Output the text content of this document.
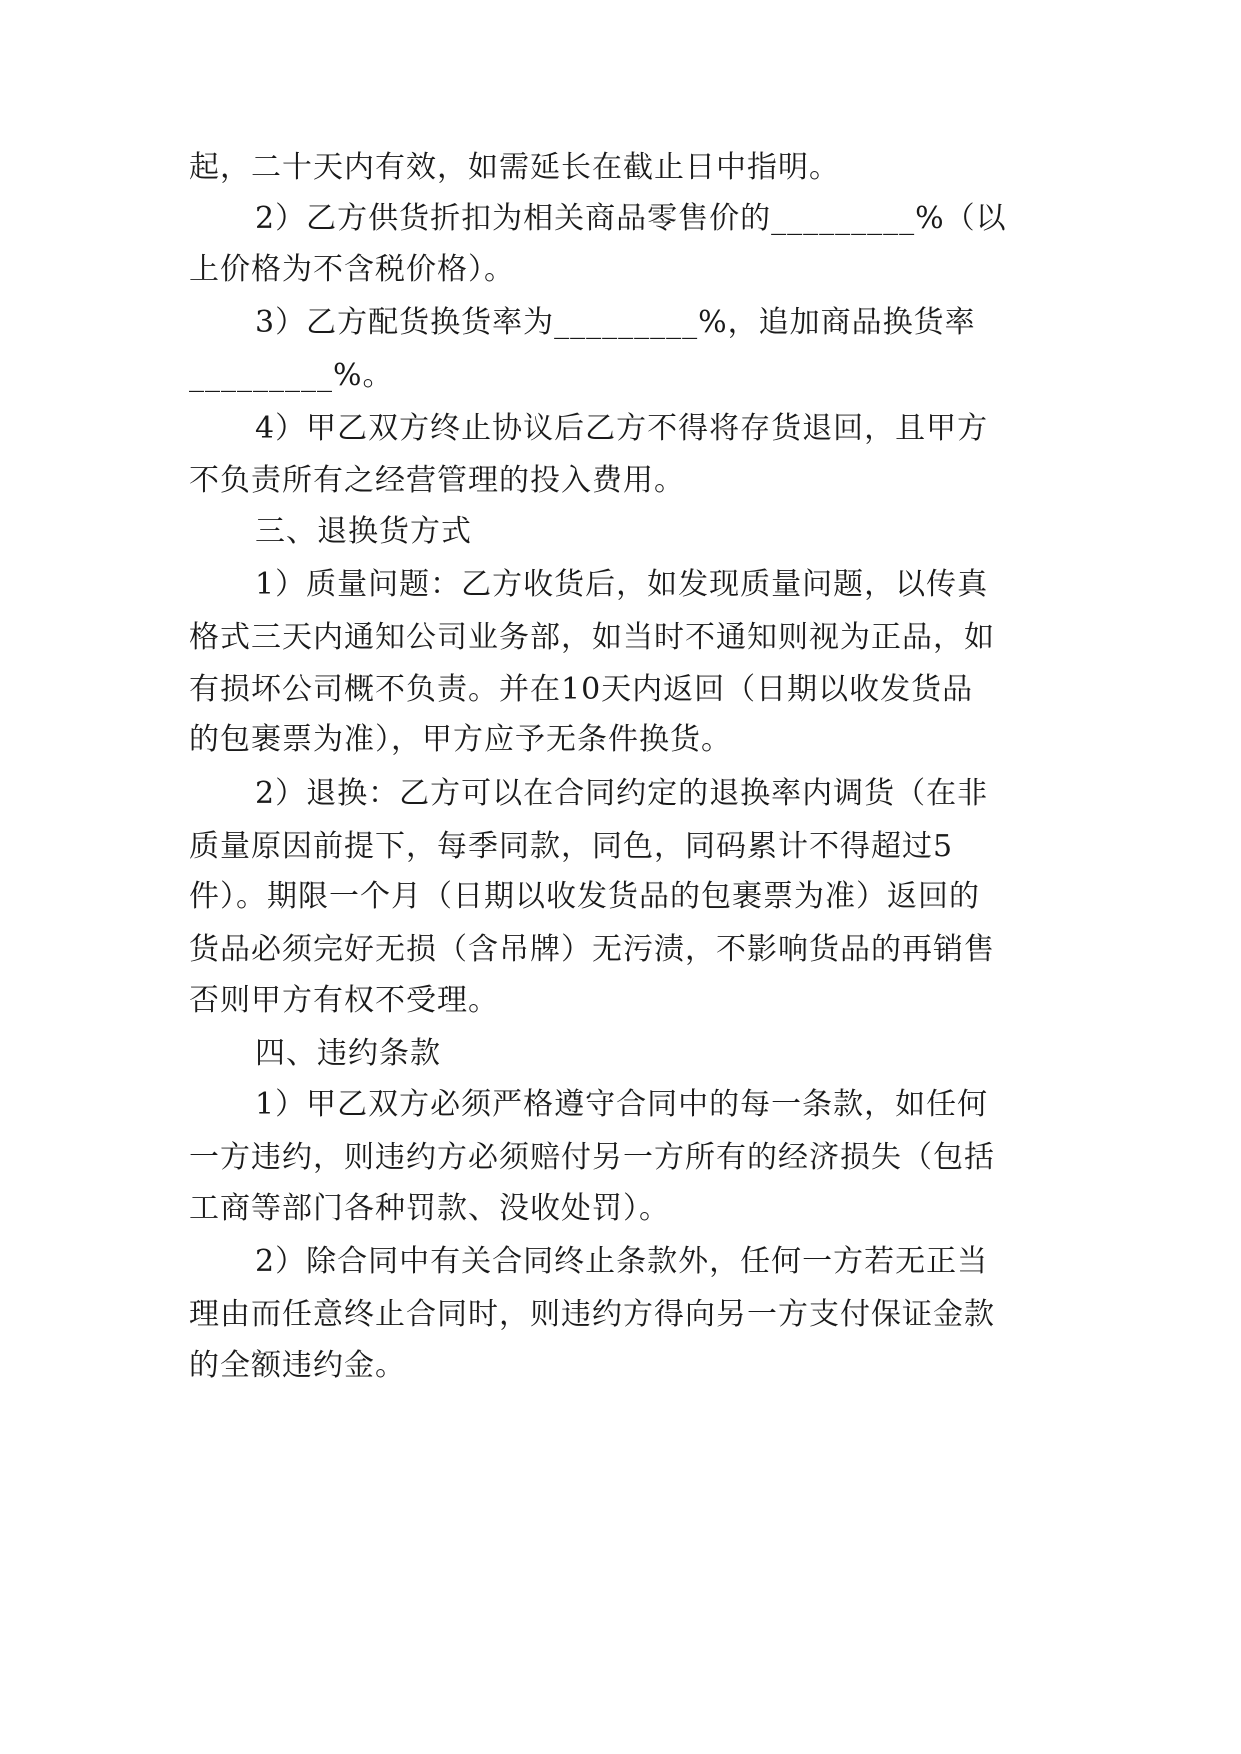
起，二十天内有效，如需延长在截止日中指明。
2）乙方供货折扣为相关商品零售价的_________%（以
上价格为不含税价格）。
3）乙方配货换货率为_________%，追加商品换货率
_________%。
4）甲乙双方终止协议后乙方不得将存货退回，且甲方
不负责所有之经营管理的投入费用。
三、退换货方式
1）质量问题：乙方收货后，如发现质量问题，以传真
格式三天内通知公司业务部，如当时不通知则视为正品，如
有损坏公司概不负责。并在10天内返回（日期以收发货品
的包裹票为准），甲方应予无条件换货。
2）退换：乙方可以在合同约定的退换率内调货（在非
质量原因前提下，每季同款，同色，同码累计不得超过5
件）。期限一个月（日期以收发货品的包裹票为准）返回的
货品必须完好无损（含吊牌）无污渍，不影响货品的再销售
否则甲方有权不受理。
四、违约条款
1）甲乙双方必须严格遵守合同中的每一条款，如任何
一方违约，则违约方必须赔付另一方所有的经济损失（包括
工商等部门各种罚款、没收处罚）。
2）除合同中有关合同终止条款外，任何一方若无正当
理由而任意终止合同时，则违约方得向另一方支付保证金款
的全额违约金。
